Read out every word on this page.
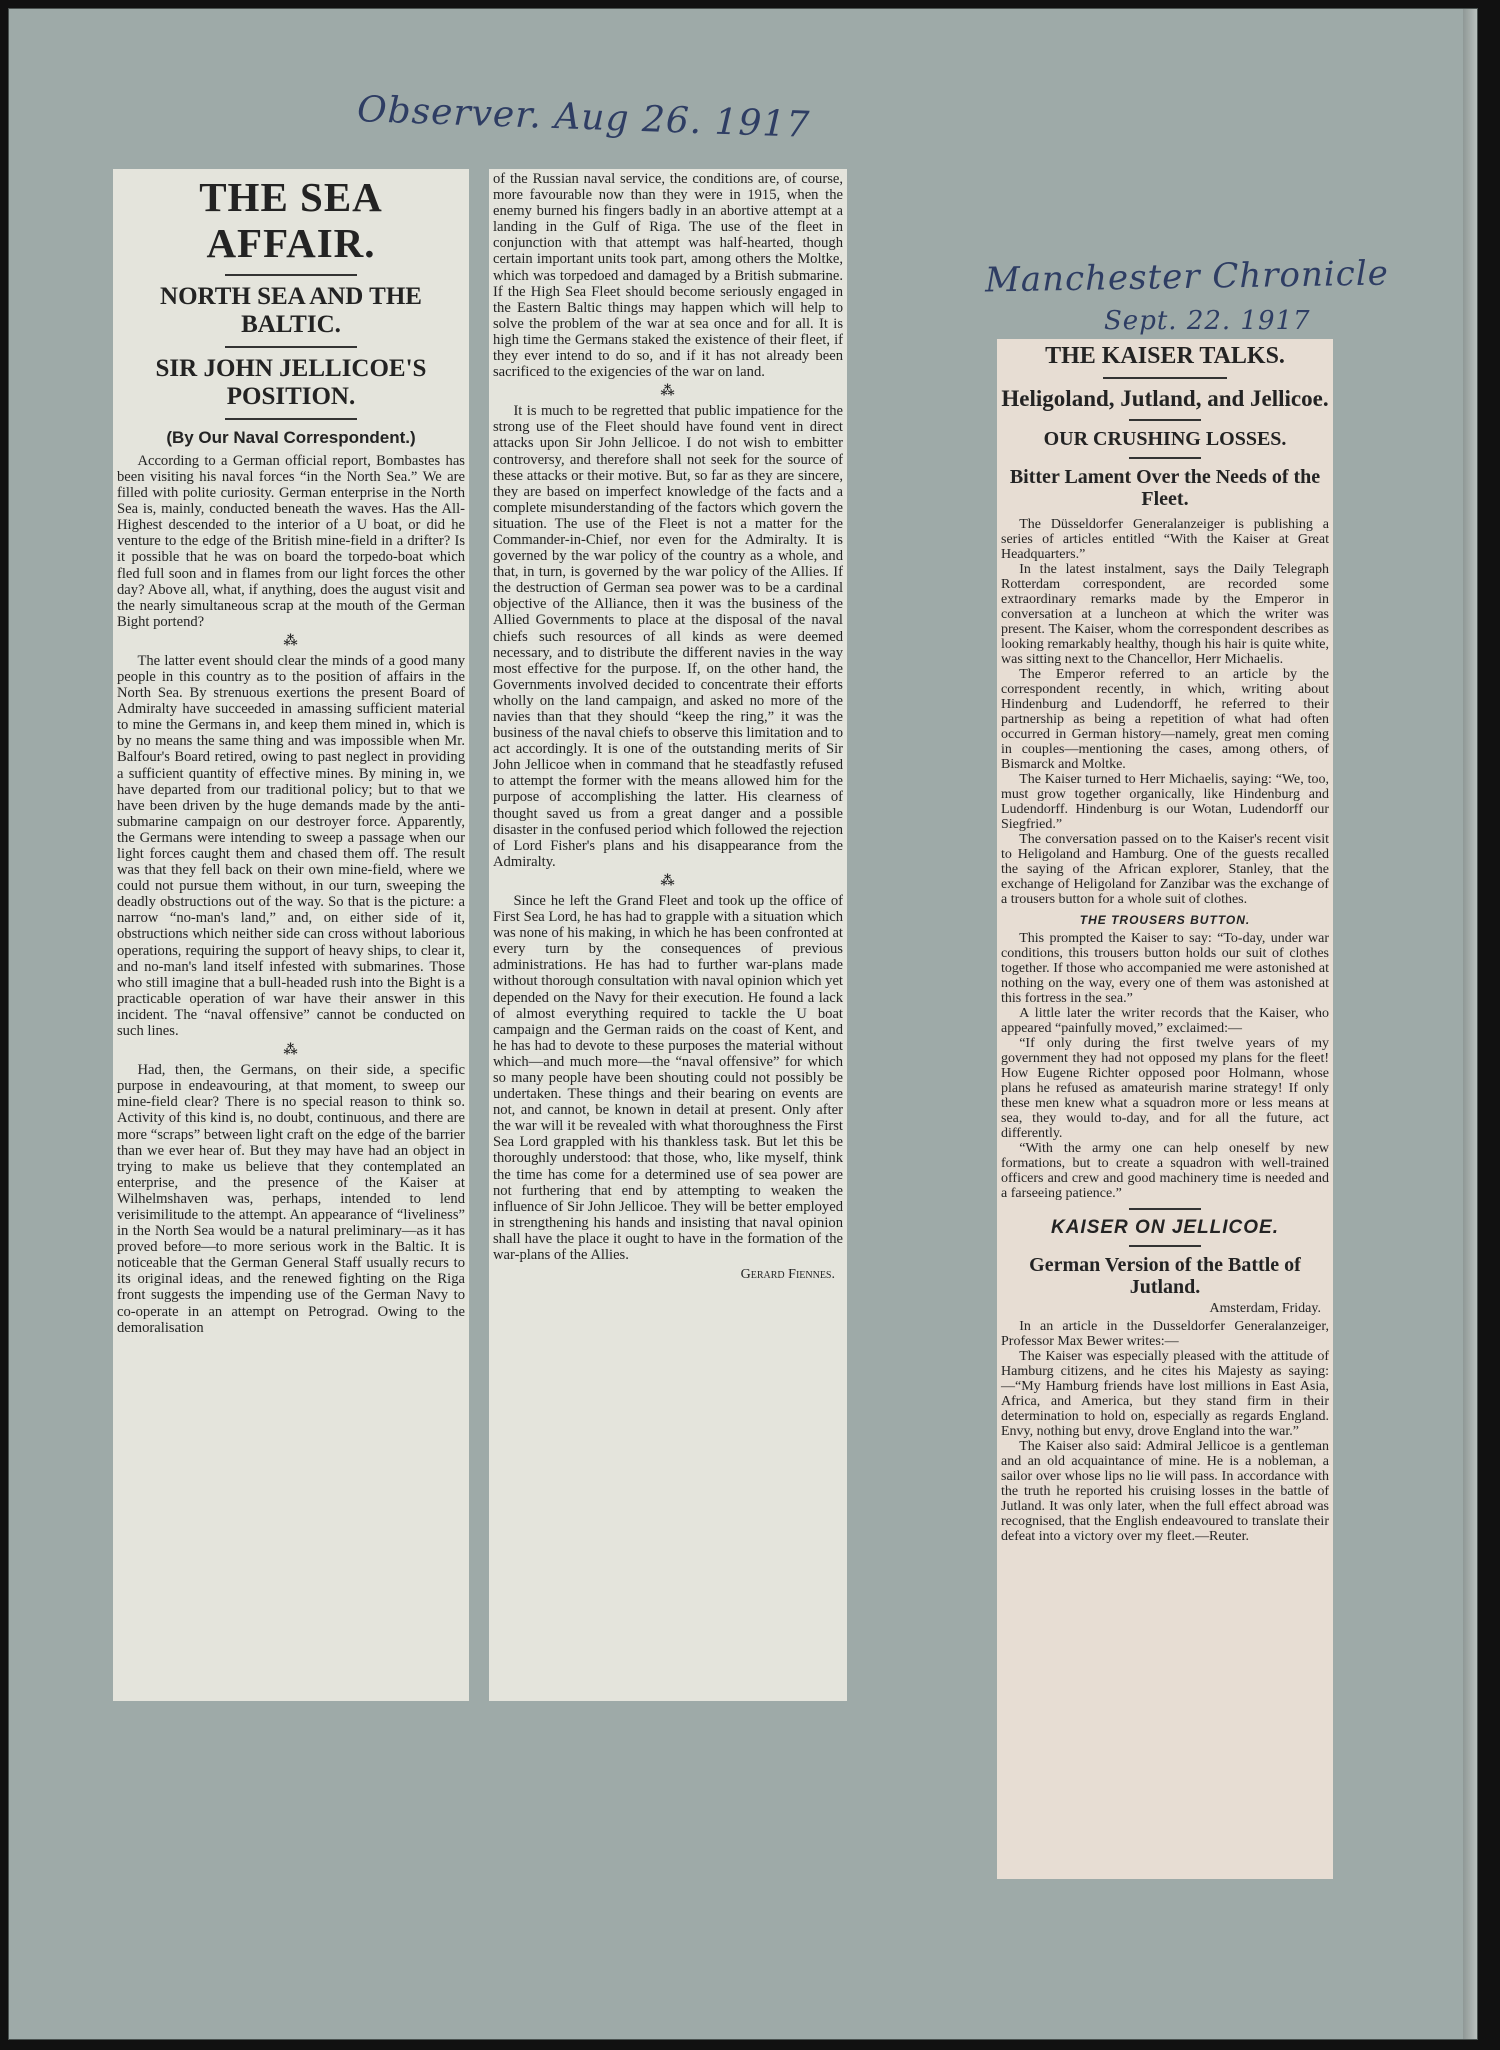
Observer. Aug 26. 1917
Manchester Chronicle
Sept. 22. 1917
THE SEA AFFAIR.
NORTH SEA AND THE BALTIC.
SIR JOHN JELLICOE'S POSITION.
(By Our Naval Correspondent.)

According to a German official report, Bombastes has been visiting his naval forces “in the North Sea.” We are filled with polite curiosity. German enterprise in the North Sea is, mainly, conducted beneath the waves. Has the All-Highest descended to the interior of a U boat, or did he venture to the edge of the British mine-field in a drifter? Is it possible that he was on board the torpedo-boat which fled full soon and in flames from our light forces the other day? Above all, what, if anything, does the august visit and the nearly simultaneous scrap at the mouth of the German Bight portend?

⁂

The latter event should clear the minds of a good many people in this country as to the position of affairs in the North Sea. By strenuous exertions the present Board of Admiralty have succeeded in amassing sufficient material to mine the Germans in, and keep them mined in, which is by no means the same thing and was impossible when Mr. Balfour's Board retired, owing to past neglect in providing a sufficient quantity of effective mines. By mining in, we have departed from our traditional policy; but to that we have been driven by the huge demands made by the anti-submarine campaign on our destroyer force. Apparently, the Germans were intending to sweep a passage when our light forces caught them and chased them off. The result was that they fell back on their own mine-field, where we could not pursue them without, in our turn, sweeping the deadly obstructions out of the way. So that is the picture: a narrow “no-man's land,” and, on either side of it, obstructions which neither side can cross without laborious operations, requiring the support of heavy ships, to clear it, and no-man's land itself infested with submarines. Those who still imagine that a bull-headed rush into the Bight is a practicable operation of war have their answer in this incident. The “naval offensive” cannot be conducted on such lines.

⁂

Had, then, the Germans, on their side, a specific purpose in endeavouring, at that moment, to sweep our mine-field clear? There is no special reason to think so. Activity of this kind is, no doubt, continuous, and there are more “scraps” between light craft on the edge of the barrier than we ever hear of. But they may have had an object in trying to make us believe that they contemplated an enterprise, and the presence of the Kaiser at Wilhelmshaven was, perhaps, intended to lend verisimilitude to the attempt. An appearance of “liveliness” in the North Sea would be a natural preliminary—as it has proved before—to more serious work in the Baltic. It is noticeable that the German General Staff usually recurs to its original ideas, and the renewed fighting on the Riga front suggests the impending use of the German Navy to co-operate in an attempt on Petrograd. Owing to the demoralisation

of the Russian naval service, the conditions are, of course, more favourable now than they were in 1915, when the enemy burned his fingers badly in an abortive attempt at a landing in the Gulf of Riga. The use of the fleet in conjunction with that attempt was half-hearted, though certain important units took part, among others the Moltke, which was torpedoed and damaged by a British submarine. If the High Sea Fleet should become seriously engaged in the Eastern Baltic things may happen which will help to solve the problem of the war at sea once and for all. It is high time the Germans staked the existence of their fleet, if they ever intend to do so, and if it has not already been sacrificed to the exigencies of the war on land.

⁂

It is much to be regretted that public impatience for the strong use of the Fleet should have found vent in direct attacks upon Sir John Jellicoe. I do not wish to embitter controversy, and therefore shall not seek for the source of these attacks or their motive. But, so far as they are sincere, they are based on imperfect knowledge of the facts and a complete misunderstanding of the factors which govern the situation. The use of the Fleet is not a matter for the Commander-in-Chief, nor even for the Admiralty. It is governed by the war policy of the country as a whole, and that, in turn, is governed by the war policy of the Allies. If the destruction of German sea power was to be a cardinal objective of the Alliance, then it was the business of the Allied Governments to place at the disposal of the naval chiefs such resources of all kinds as were deemed necessary, and to distribute the different navies in the way most effective for the purpose. If, on the other hand, the Governments involved decided to concentrate their efforts wholly on the land campaign, and asked no more of the navies than that they should “keep the ring,” it was the business of the naval chiefs to observe this limitation and to act accordingly. It is one of the outstanding merits of Sir John Jellicoe when in command that he steadfastly refused to attempt the former with the means allowed him for the purpose of accomplishing the latter. His clearness of thought saved us from a great danger and a possible disaster in the confused period which followed the rejection of Lord Fisher's plans and his disappearance from the Admiralty.

⁂

Since he left the Grand Fleet and took up the office of First Sea Lord, he has had to grapple with a situation which was none of his making, in which he has been confronted at every turn by the consequences of previous administrations. He has had to further war-plans made without thorough consultation with naval opinion which yet depended on the Navy for their execution. He found a lack of almost everything required to tackle the U boat campaign and the German raids on the coast of Kent, and he has had to devote to these purposes the material without which—and much more—the “naval offensive” for which so many people have been shouting could not possibly be undertaken. These things and their bearing on events are not, and cannot, be known in detail at present. Only after the war will it be revealed with what thoroughness the First Sea Lord grappled with his thankless task. But let this be thoroughly understood: that those, who, like myself, think the time has come for a determined use of sea power are not furthering that end by attempting to weaken the influence of Sir John Jellicoe. They will be better employed in strengthening his hands and insisting that naval opinion shall have the place it ought to have in the formation of the war-plans of the Allies.

Gerard Fiennes.
THE KAISER TALKS.
Heligoland, Jutland, and Jellicoe.
OUR CRUSHING LOSSES.
Bitter Lament Over the Needs of the Fleet.

The Düsseldorfer Generalanzeiger is publishing a series of articles entitled “With the Kaiser at Great Headquarters.”

In the latest instalment, says the Daily Telegraph Rotterdam correspondent, are recorded some extraordinary remarks made by the Emperor in conversation at a luncheon at which the writer was present. The Kaiser, whom the correspondent describes as looking remarkably healthy, though his hair is quite white, was sitting next to the Chancellor, Herr Michaelis.

The Emperor referred to an article by the correspondent recently, in which, writing about Hindenburg and Ludendorff, he referred to their partnership as being a repetition of what had often occurred in German history—namely, great men coming in couples—mentioning the cases, among others, of Bismarck and Moltke.

The Kaiser turned to Herr Michaelis, saying: “We, too, must grow together organically, like Hindenburg and Ludendorff. Hindenburg is our Wotan, Ludendorff our Siegfried.”

The conversation passed on to the Kaiser's recent visit to Heligoland and Hamburg. One of the guests recalled the saying of the African explorer, Stanley, that the exchange of Heligoland for Zanzibar was the exchange of a trousers button for a whole suit of clothes.

THE TROUSERS BUTTON.

This prompted the Kaiser to say: “To-day, under war conditions, this trousers button holds our suit of clothes together. If those who accompanied me were astonished at nothing on the way, every one of them was astonished at this fortress in the sea.”

A little later the writer records that the Kaiser, who appeared “painfully moved,” exclaimed:—

“If only during the first twelve years of my government they had not opposed my plans for the fleet! How Eugene Richter opposed poor Holmann, whose plans he refused as amateurish marine strategy! If only these men knew what a squadron more or less means at sea, they would to-day, and for all the future, act differently.

“With the army one can help oneself by new formations, but to create a squadron with well-trained officers and crew and good machinery time is needed and a farseeing patience.”

KAISER ON JELLICOE.
German Version of the Battle of Jutland.
Amsterdam, Friday.

In an article in the Dusseldorfer Generalanzeiger, Professor Max Bewer writes:—

The Kaiser was especially pleased with the attitude of Hamburg citizens, and he cites his Majesty as saying:—“My Hamburg friends have lost millions in East Asia, Africa, and America, but they stand firm in their determination to hold on, especially as regards England. Envy, nothing but envy, drove England into the war.”

The Kaiser also said: Admiral Jellicoe is a gentleman and an old acquaintance of mine. He is a nobleman, a sailor over whose lips no lie will pass. In accordance with the truth he reported his cruising losses in the battle of Jutland. It was only later, when the full effect abroad was recognised, that the English endeavoured to translate their defeat into a victory over my fleet.—Reuter.
